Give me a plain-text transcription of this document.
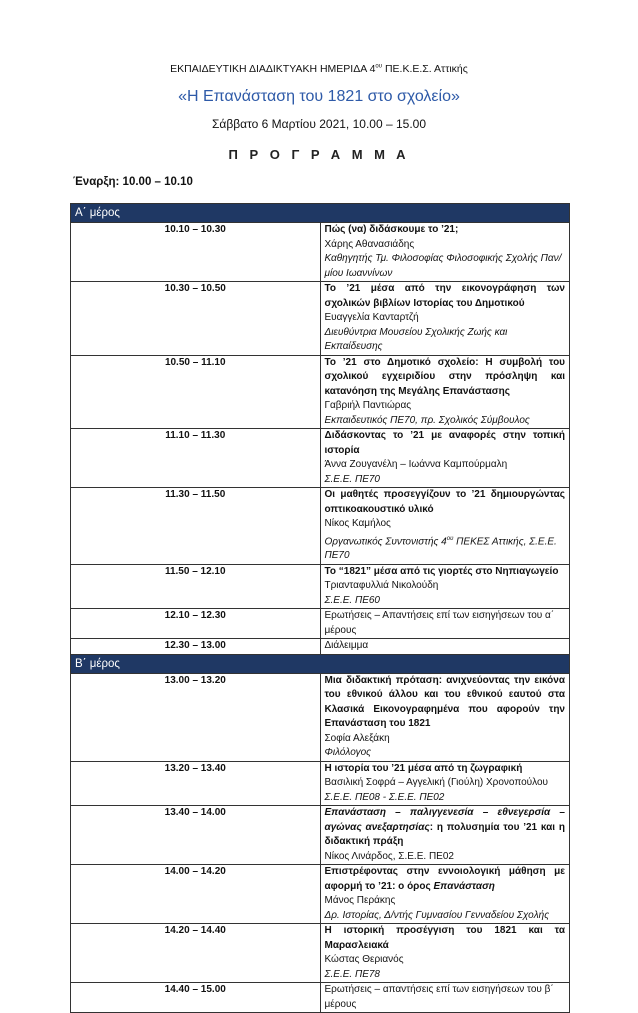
ΕΚΠΑΙΔΕΥΤΙΚΗ ΔΙΑΔΙΚΤΥΑΚΗ ΗΜΕΡΙΔΑ $4^{o\upsilon}$ ΠΕ.Κ.Ε.Σ. Αττικής
«Η Επανάσταση του 1821 στο σχολείο»
Σάββατο 6 Μαρτίου 2021, 10.00 – 15.00
Π Ρ Ο Γ Ρ Α Μ Μ Α
Έναρξη: 10.00 – 10.10
Α΄ μέρος	
10.10 – 10.30	Πώς (να) διδάσκουμε το ’21;
Χάρης Αθανασιάδης
Καθηγητής Τμ. Φιλοσοφίας Φιλοσοφικής Σχολής Παν/μίου Ιωαννίνων

10.30 – 10.50	Το ’21 μέσα από την εικονογράφηση των σχολικών βιβλίων Ιστορίας του Δημοτικού
Ευαγγελία Κανταρτζή
Διευθύντρια Μουσείου Σχολικής Ζωής και Εκπαίδευσης

10.50 – 11.10	Το ’21 στο Δημοτικό σχολείο: Η συμβολή του σχολικού εγχειριδίου στην πρόσληψη και κατανόηση της Μεγάλης Επανάστασης
Γαβριήλ Παντιώρας
Εκπαιδευτικός ΠΕ70, πρ. Σχολικός Σύμβουλος

11.10 – 11.30	Διδάσκοντας το ’21 με αναφορές στην τοπική ιστορία
Άννα Ζουγανέλη – Ιωάννα Καμπούρμαλη
Σ.Ε.Ε. ΠΕ70

11.30 – 11.50	Οι μαθητές προσεγγίζουν το ’21 δημιουργώντας οπτικοακουστικό υλικό
Νίκος Καμήλος
Οργανωτικός Συντονιστής $4^{o\upsilon}$ ΠΕΚΕΣ Αττικής, Σ.Ε.Ε. ΠΕ70

11.50 – 12.10	Το “1821” μέσα από τις γιορτές στο Νηπιαγωγείο
Τριανταφυλλιά Νικολούδη
Σ.Ε.Ε. ΠΕ60

12.10 – 12.30	Ερωτήσεις – Απαντήσεις επί των εισηγήσεων του α΄ μέρους
12.30 – 13.00	Διάλειμμα
Β΄ μέρος	
13.00 – 13.20	Μια διδακτική πρόταση: ανιχνεύοντας την εικόνα του εθνικού άλλου και του εθνικού εαυτού στα Κλασικά Εικονογραφημένα που αφορούν την Επανάσταση του 1821
Σοφία Αλεξάκη
Φιλόλογος

13.20 – 13.40	Η ιστορία του ’21 μέσα από τη ζωγραφική
Βασιλική Σοφρά – Αγγελική (Γιούλη) Χρονοπούλου
Σ.Ε.Ε. ΠΕ08 - Σ.Ε.Ε. ΠΕ02

13.40 – 14.00	Επανάσταση – παλιγγενεσία – εθνεγερσία – αγώνας ανεξαρτησίας: η πολυσημία του ’21 και η διδακτική πράξη
Νίκος Λινάρδος, Σ.Ε.Ε. ΠΕ02

14.00 – 14.20	Επιστρέφοντας στην εννοιολογική μάθηση με αφορμή το ’21: ο όρος Επανάσταση
Μάνος Περάκης
Δρ. Ιστορίας, Δ/ντής Γυμνασίου Γενναδείου Σχολής

14.20 – 14.40	Η ιστορική προσέγγιση του 1821 και τα Μαρασλειακά
Κώστας Θεριανός
Σ.Ε.Ε. ΠΕ78

14.40 – 15.00	Ερωτήσεις – απαντήσεις επί των εισηγήσεων του β΄ μέρους
